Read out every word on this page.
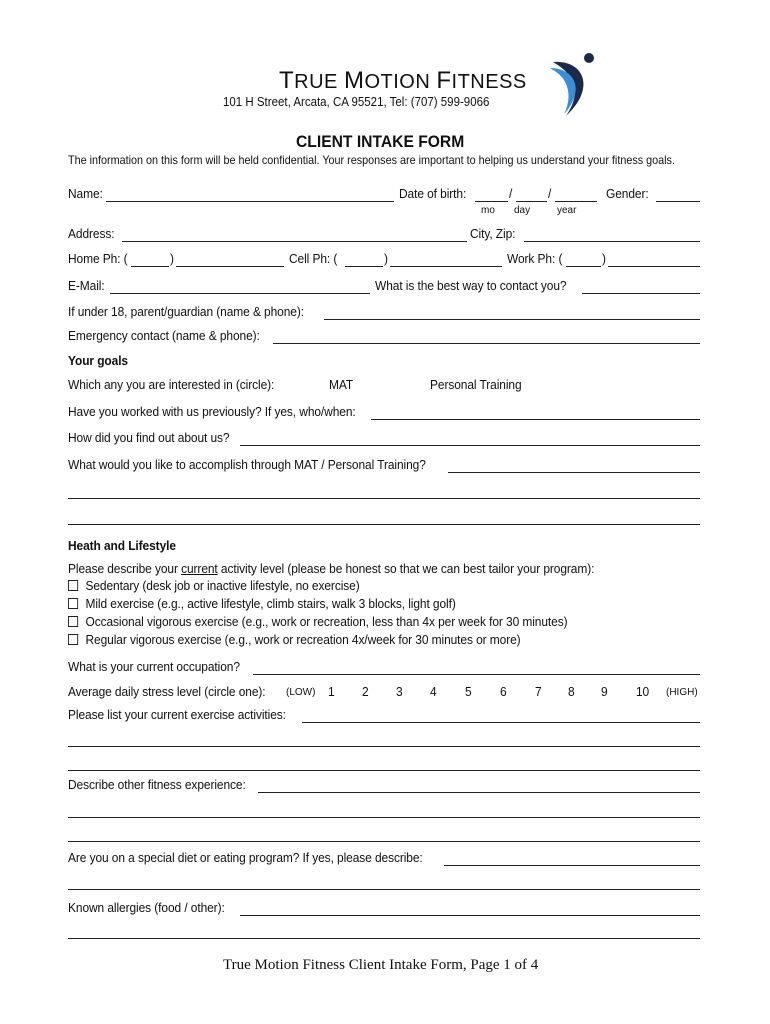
TRUE MOTION FITNESS
101 H Street, Arcata, CA 95521, Tel: (707) 599-9066
CLIENT INTAKE FORM
The information on this form will be held confidential. Your responses are important to helping us understand your fitness goals.
Name:	Date of birth:	/	/	Gender:
mo day	year
Address:	City, Zip:
Home Ph: (	)	Cell Ph: (	)	Work Ph: (	)
E-Mail:	What is the best way to contact you?
If under 18, parent/guardian (name & phone):
Emergency contact (name & phone):
Your goals
Which any you are interested in (circle):	MAT	Personal Training
Have you worked with us previously? If yes, who/when:
How did you find out about us?
What would you like to accomplish through MAT / Personal Training?
Heath and Lifestyle
Please describe your current activity level (please be honest so that we can best tailor your program):
Sedentary (desk job or inactive lifestyle, no exercise)
Mild exercise (e.g., active lifestyle, climb stairs, walk 3 blocks, light golf)
Occasional vigorous exercise (e.g., work or recreation, less than 4x per week for 30 minutes)
Regular vigorous exercise (e.g., work or recreation 4x/week for 30 minutes or more)
What is your current occupation?
Average daily stress level (circle one): (LOW) 1 2 3 4 5 6 7 8 9 10 (HIGH)
Please list your current exercise activities:
Describe other fitness experience:
Are you on a special diet or eating program? If yes, please describe:
Known allergies (food / other):
True Motion Fitness Client Intake Form, Page 1 of 4
